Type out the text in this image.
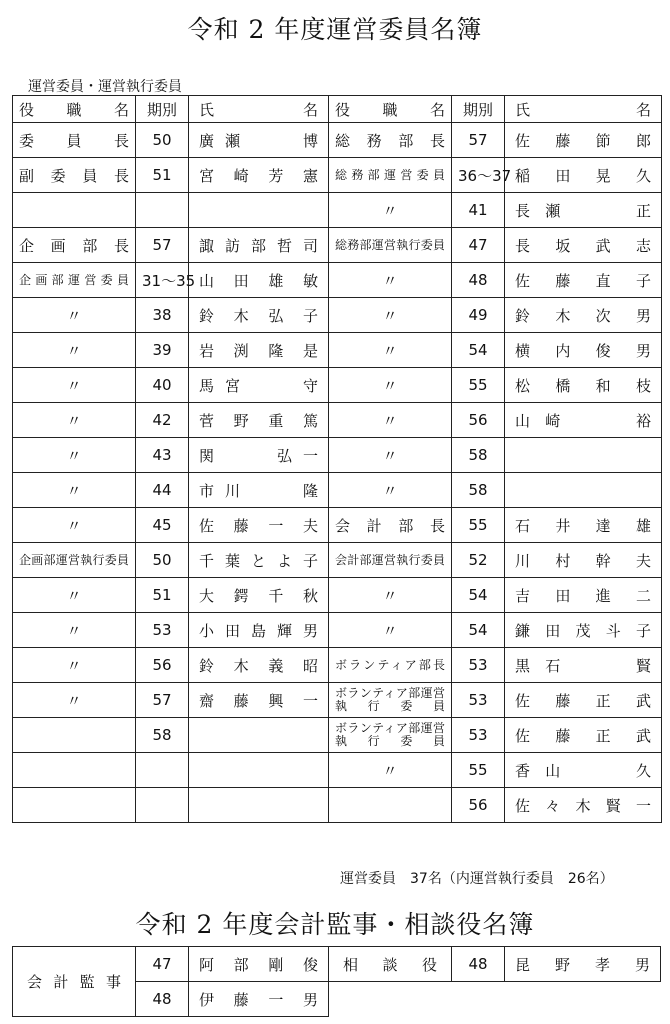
令和 2 年度運営委員名簿
運営委員・運営執行委員
役 職 名	期別	氏 名	役 職 名	期別	氏 名
委員長	50	廣瀬　　博	総務部長	57	佐藤節郎
副委員長	51	宮崎芳憲	総務部運営委員	36〜37	稲田晃久
			〃	41	長瀬　　正
企画部長	57	諏訪部哲司	総務部運営執行委員	47	長坂武志
企画部運営委員	31〜35	山田雄敏	〃	48	佐藤直子
〃	38	鈴木弘子	〃	49	鈴木次男
〃	39	岩渕隆是	〃	54	横内俊男
〃	40	馬宮　　守	〃	55	松橋和枝
〃	42	菅野重篤	〃	56	山崎　　裕
〃	43	関　　弘一	〃	58	
〃	44	市川　　隆	〃	58	
〃	45	佐藤一夫	会計部長	55	石井達雄
企画部運営執行委員	50	千葉とよ子	会計部運営執行委員	52	川村幹夫
〃	51	大鍔千秋	〃	54	吉田進二
〃	53	小田島輝男	〃	54	鎌田茂斗子
〃	56	鈴木義昭	ボランティア部長	53	黒石　　賢
〃	57	齋藤興一	ボランティア部運営執行委員	53	佐藤正武
	58		ボランティア部運営執行委員	53	佐藤正武
			〃	55	香山　　久
				56	佐々木賢一
運営委員　37名（内運営執行委員　26名）
令和 2 年度会計監事・相談役名簿
会計監事	47	阿部剛俊	相談役	48	昆野孝男
	48	伊藤一男			
